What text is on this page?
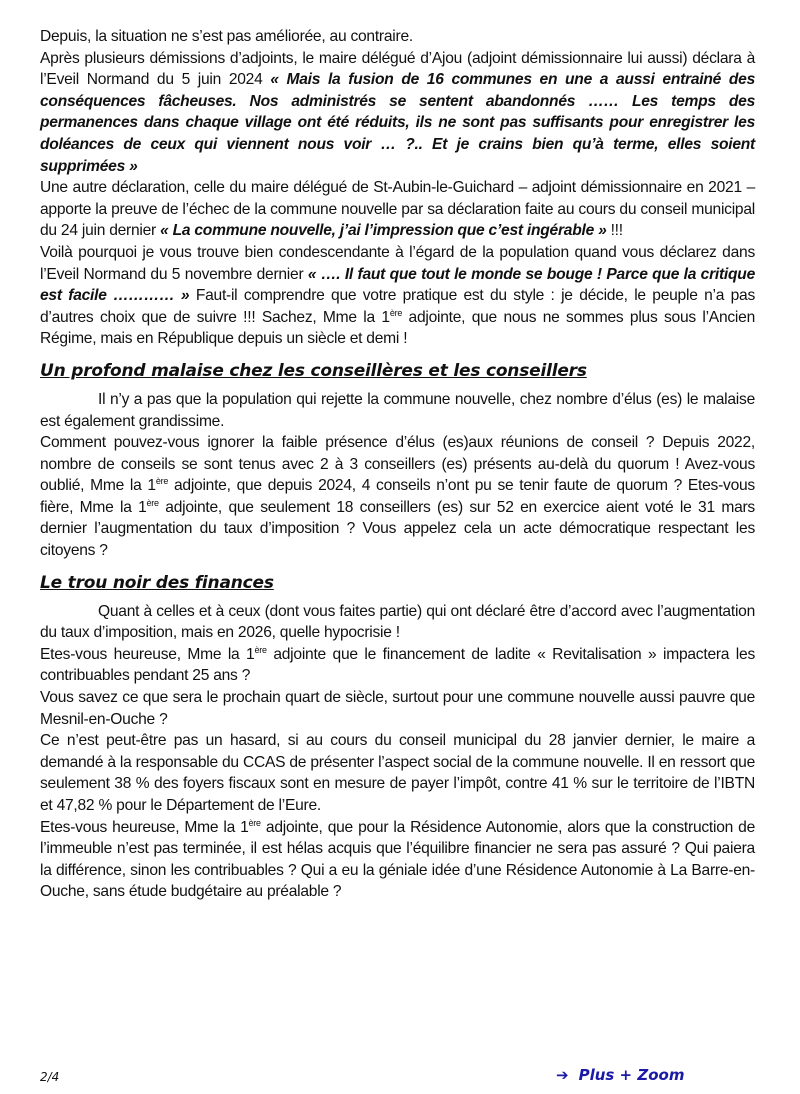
Depuis, la situation ne s’est pas améliorée, au contraire.

Après plusieurs démissions d’adjoints, le maire délégué d’Ajou (adjoint démissionnaire lui aussi) déclara à l’Eveil Normand du 5 juin 2024 « Mais la fusion de 16 communes en une a aussi entrainé des conséquences fâcheuses. Nos administrés se sentent abandonnés …… Les temps des permanences dans chaque village ont été réduits, ils ne sont pas suffisants pour enregistrer les doléances de ceux qui viennent nous voir … ?.. Et je crains bien qu’à terme, elles soient supprimées »

Une autre déclaration, celle du maire délégué de St-Aubin-le-Guichard – adjoint démissionnaire en 2021 – apporte la preuve de l’échec de la commune nouvelle par sa déclaration faite au cours du conseil municipal du 24 juin dernier « La commune nouvelle, j’ai l’impression que c’est ingérable » !!!

Voilà pourquoi je vous trouve bien condescendante à l’égard de la population quand vous déclarez dans l’Eveil Normand du 5 novembre dernier « …. Il faut que tout le monde se bouge ! Parce que la critique est facile ………… » Faut-il comprendre que votre pratique est du style : je décide, le peuple n’a pas d’autres choix que de suivre !!! Sachez, Mme la 1ère adjointe, que nous ne sommes plus sous l’Ancien Régime, mais en République depuis un siècle et demi !

Un profond malaise chez les conseillères et les conseillers

Il n’y a pas que la population qui rejette la commune nouvelle, chez nombre d’élus (es) le malaise est également grandissime.

Comment pouvez-vous ignorer la faible présence d’élus (es)aux réunions de conseil ? Depuis 2022, nombre de conseils se sont tenus avec 2 à 3 conseillers (es) présents au-delà du quorum ! Avez-vous oublié, Mme la 1ère adjointe, que depuis 2024, 4 conseils n’ont pu se tenir faute de quorum ? Etes-vous fière, Mme la 1ère adjointe, que seulement 18 conseillers (es) sur 52 en exercice aient voté le 31 mars dernier l’augmentation du taux d’imposition ? Vous appelez cela un acte démocratique respectant les citoyens ?

Le trou noir des finances

Quant à celles et à ceux (dont vous faites partie) qui ont déclaré être d’accord avec l’augmentation du taux d’imposition, mais en 2026, quelle hypocrisie !

Etes-vous heureuse, Mme la 1ère adjointe que le financement de ladite « Revitalisation » impactera les contribuables pendant 25 ans ?

Vous savez ce que sera le prochain quart de siècle, surtout pour une commune nouvelle aussi pauvre que Mesnil-en-Ouche ?

Ce n’est peut-être pas un hasard, si au cours du conseil municipal du 28 janvier dernier, le maire a demandé à la responsable du CCAS de présenter l’aspect social de la commune nouvelle. Il en ressort que seulement 38 % des foyers fiscaux sont en mesure de payer l’impôt, contre 41 % sur le territoire de l’IBTN et 47,82 % pour le Département de l’Eure.

Etes-vous heureuse, Mme la 1ère adjointe, que pour la Résidence Autonomie, alors que la construction de l’immeuble n’est pas terminée, il est hélas acquis que l’équilibre financier ne sera pas assuré ? Qui paiera la différence, sinon les contribuables ? Qui a eu la géniale idée d’une Résidence Autonomie à La Barre-en-Ouche, sans étude budgétaire au préalable ?

2/4	➔ Plus + Zoom
